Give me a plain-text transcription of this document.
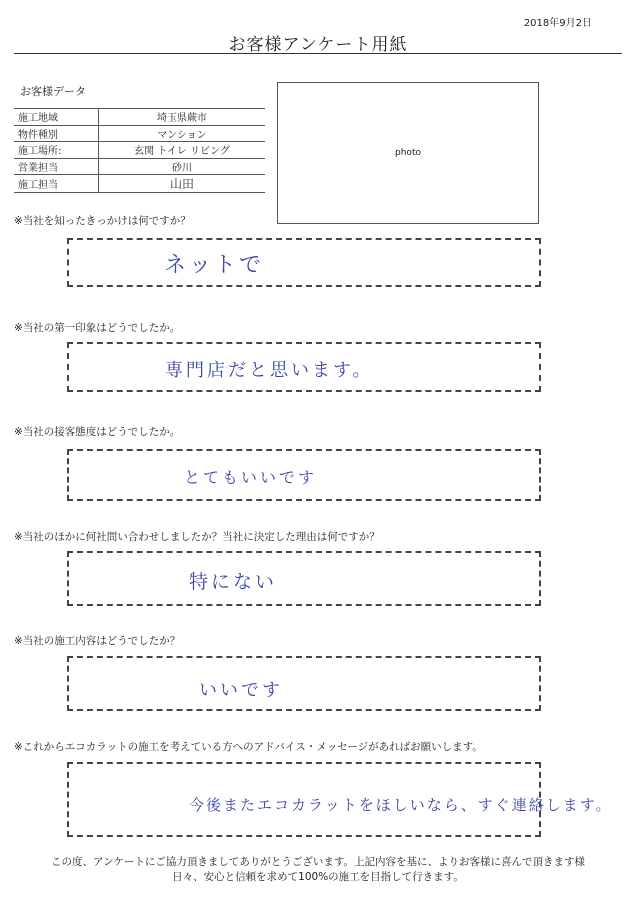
2018年9月2日
お客様アンケート用紙
お客様データ
施工地域	埼玉県蕨市
物件種別	マンション
施工場所:	玄関 トイレ リビング
営業担当	砂川
施工担当	山田
photo
※当社を知ったきっかけは何ですか？
ネットで
※当社の第一印象はどうでしたか。
専門店だと思います。
※当社の接客態度はどうでしたか。
とてもいいです
※当社のほかに何社問い合わせしましたか？当社に決定した理由は何ですか？
特にない
※当社の施工内容はどうでしたか？
いいです
※これからエコカラットの施工を考えている方へのアドバイス・メッセージがあればお願いします。
今後またエコカラットをほしいなら、すぐ連絡します。
この度、アンケートにご協力頂きましてありがとうございます。上記内容を基に、よりお客様に喜んで頂きます様
日々、安心と信頼を求めて100%の施工を目指して行きます。
